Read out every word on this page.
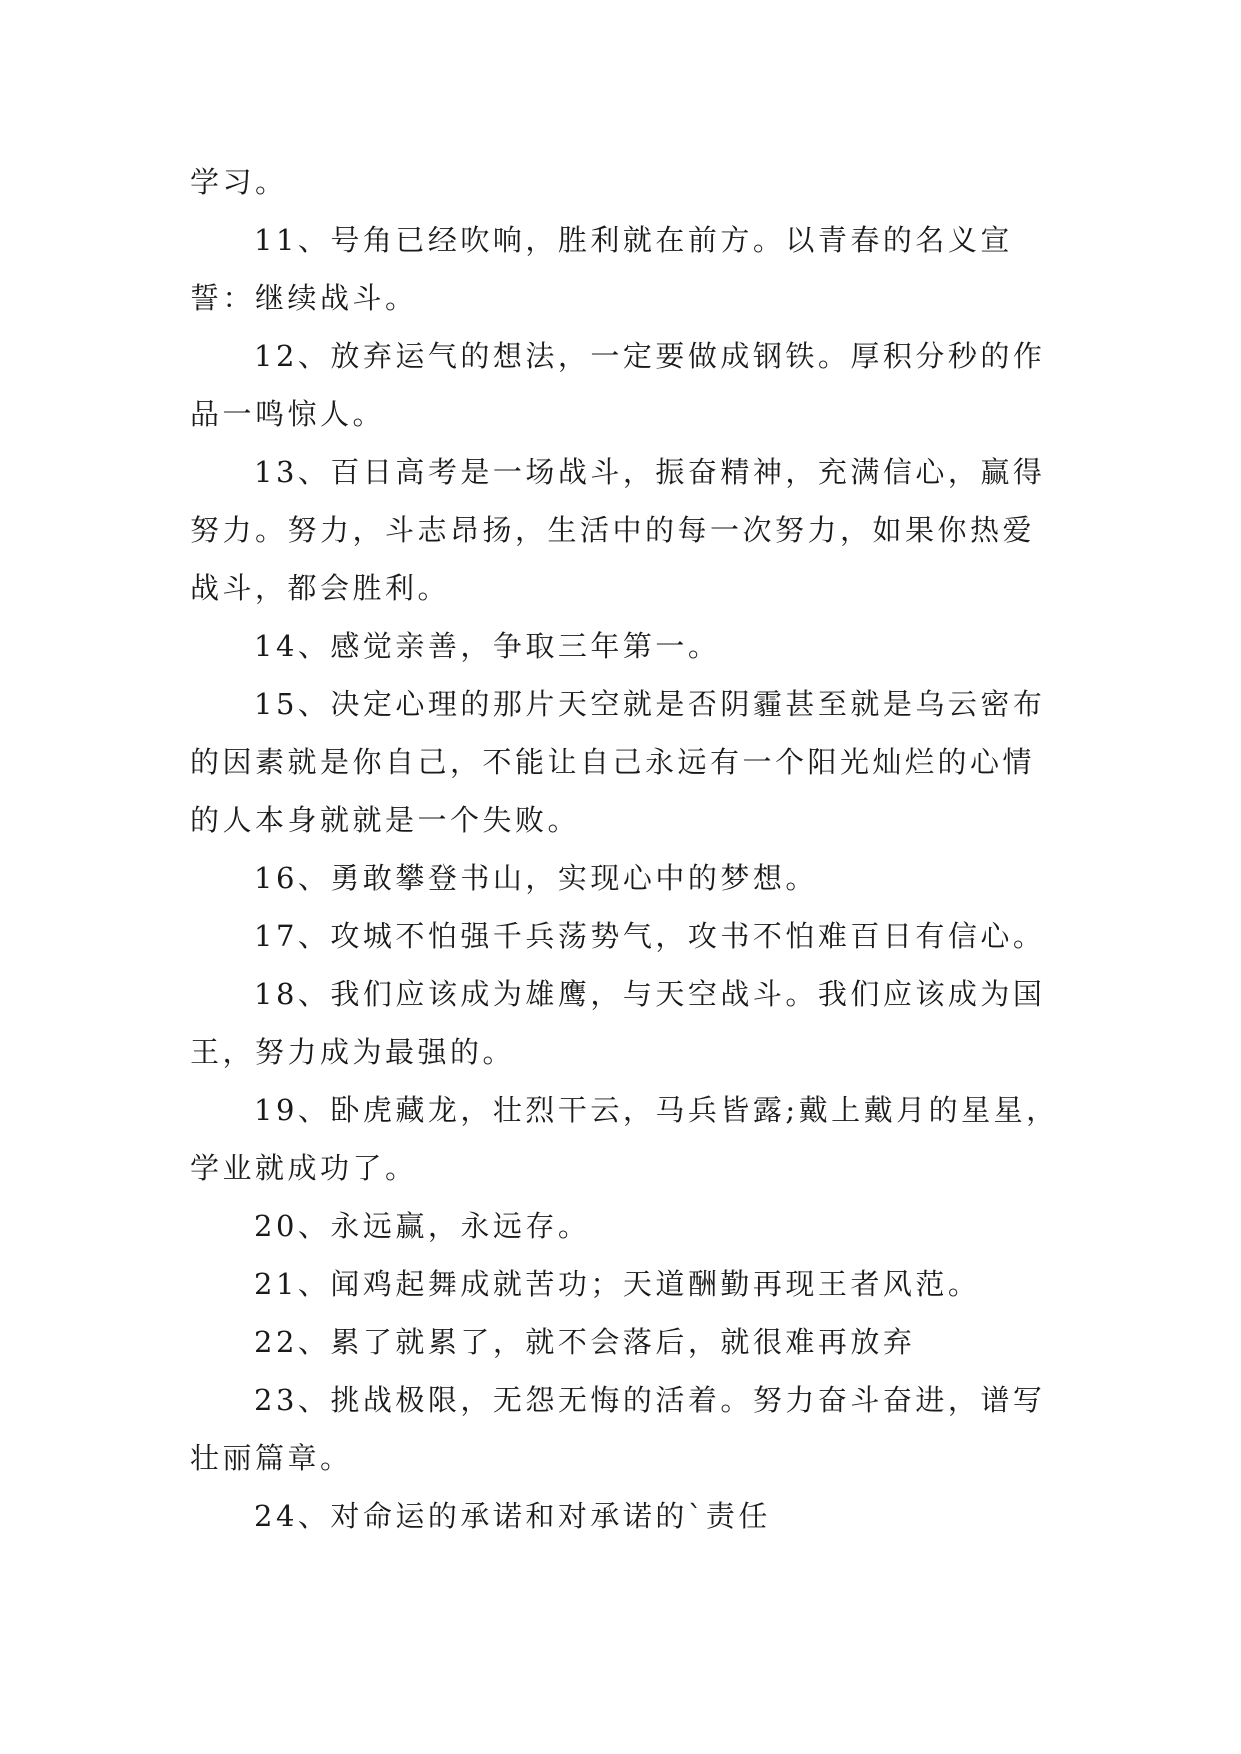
学习。

11、号角已经吹响，胜利就在前方。以青春的名义宣誓：继续战斗。

12、放弃运气的想法，一定要做成钢铁。厚积分秒的作品一鸣惊人。

13、百日高考是一场战斗，振奋精神，充满信心，赢得努力。努力，斗志昂扬，生活中的每一次努力，如果你热爱战斗，都会胜利。

14、感觉亲善，争取三年第一。

15、决定心理的那片天空就是否阴霾甚至就是乌云密布的因素就是你自己，不能让自己永远有一个阳光灿烂的心情的人本身就就是一个失败。

16、勇敢攀登书山，实现心中的梦想。

17、攻城不怕强千兵荡势气，攻书不怕难百日有信心。

18、我们应该成为雄鹰，与天空战斗。我们应该成为国王，努力成为最强的。

19、卧虎藏龙，壮烈干云，马兵皆露;戴上戴月的星星，学业就成功了。

20、永远赢，永远存。

21、闻鸡起舞成就苦功；天道酬勤再现王者风范。

22、累了就累了，就不会落后，就很难再放弃

23、挑战极限，无怨无悔的活着。努力奋斗奋进，谱写壮丽篇章。

24、对命运的承诺和对承诺的`责任
